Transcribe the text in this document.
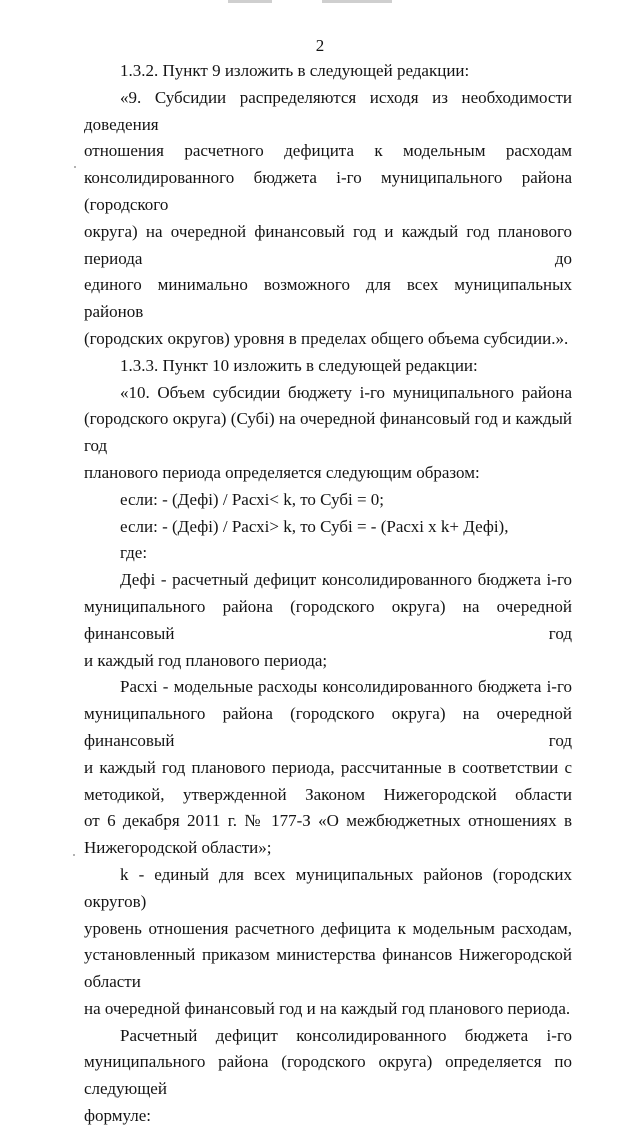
2

1.3.2. Пункт 9 изложить в следующей редакции:

«9. Субсидии распределяются исходя из необходимости доведения

отношения расчетного дефицита к модельным расходам

консолидированного бюджета і-го муниципального района (городского

округа) на очередной финансовый год и каждый год планового периода до

единого минимально возможного для всех муниципальных районов

(городских округов) уровня в пределах общего объема субсидии.».

1.3.3. Пункт 10 изложить в следующей редакции:

«10. Объем субсидии бюджету і-го муниципального района

(городского округа) (Субі) на очередной финансовый год и каждый год

планового периода определяется следующим образом:

если: - (Дефі) / Расхі< k, то Субі = 0;

если: - (Дефі) / Расхі> k, то Субі = - (Расхі х k+ Дефі),

где:

Дефі - расчетный дефицит консолидированного бюджета і-го

муниципального района (городского округа) на очередной финансовый год

и каждый год планового периода;

Расхі - модельные расходы консолидированного бюджета і-го

муниципального района (городского округа) на очередной финансовый год

и каждый год планового периода, рассчитанные в соответствии с

методикой, утвержденной Законом Нижегородской области

от 6 декабря 2011 г. № 177-З «О межбюджетных отношениях в

Нижегородской области»;

k - единый для всех муниципальных районов (городских округов)

уровень отношения расчетного дефицита к модельным расходам,

установленный приказом министерства финансов Нижегородской области

на очередной финансовый год и на каждый год планового периода.

Расчетный дефицит консолидированного бюджета і-го

муниципального района (городского округа) определяется по следующей

формуле:
